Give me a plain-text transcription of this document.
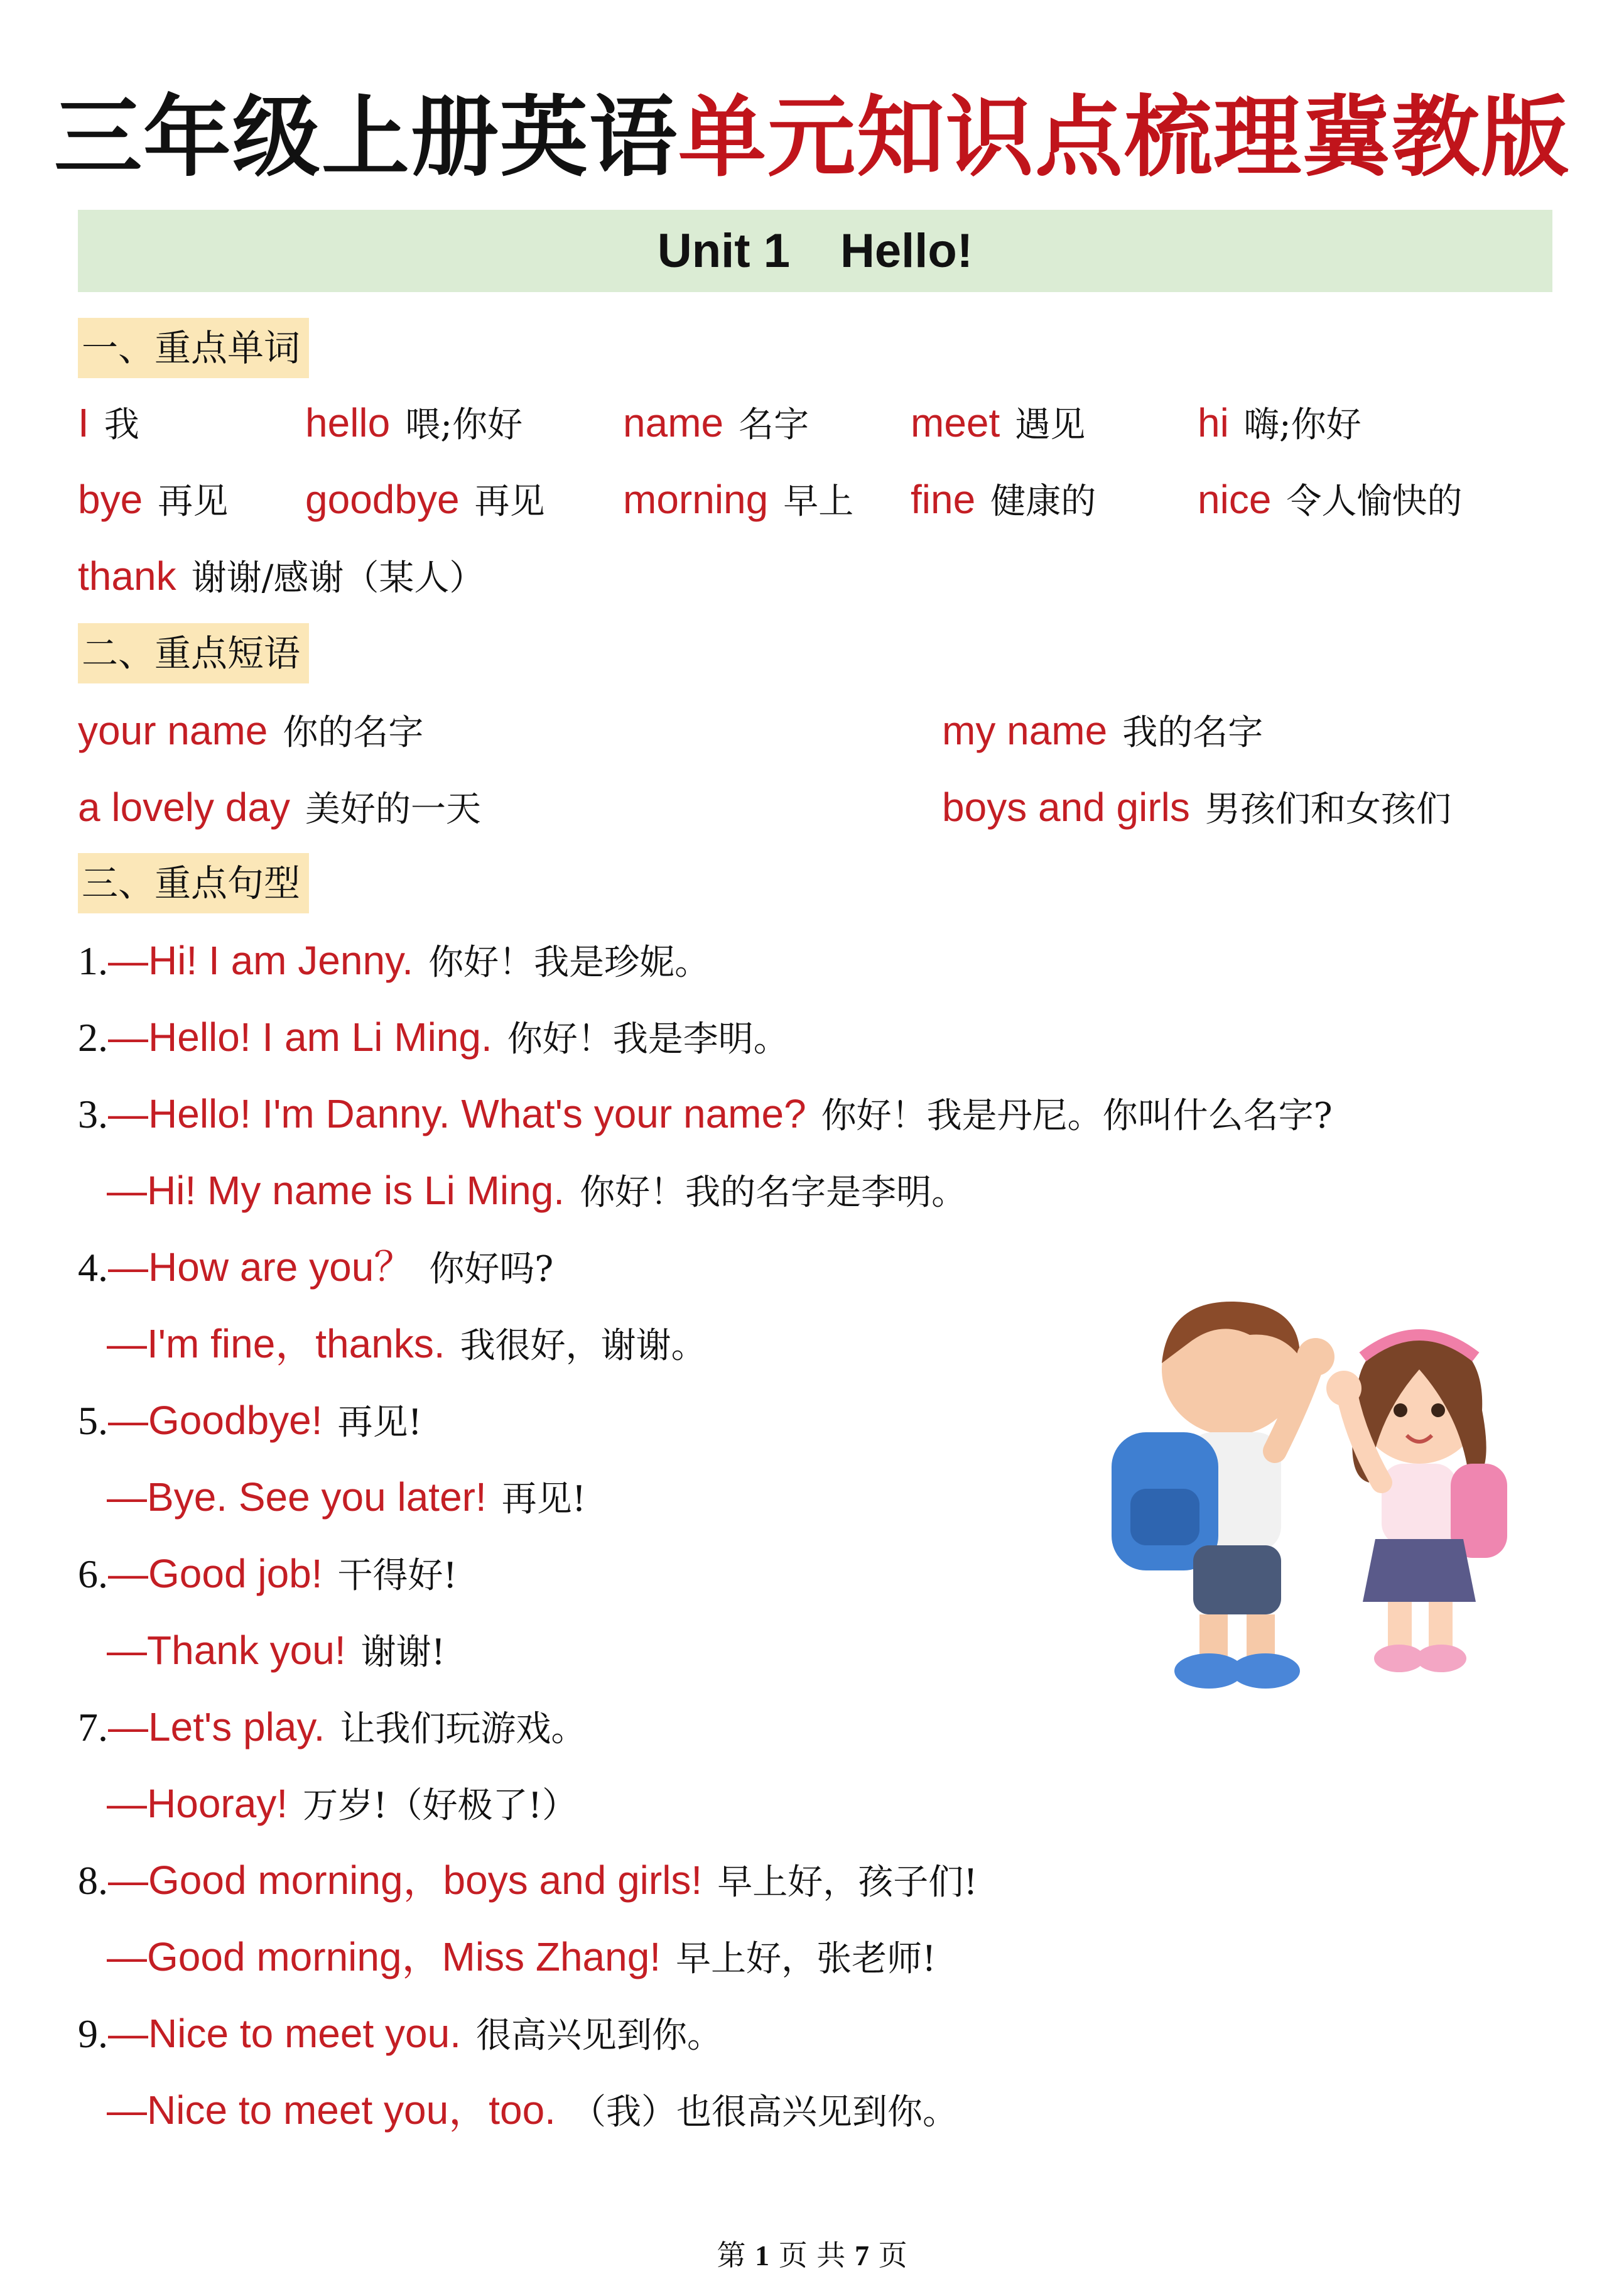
三年级上册英语单元知识点梳理冀教版
Unit 1 Hello!
一、重点单词
I 我	hello 喂;你好 name 名字	meet 遇见	hi 嗨;你好
bye 再见 goodbye 再见 morning 早上 fine 健康的	nice 令人愉快的
thank 谢谢/感谢（某人）
二、重点短语
your name 你的名字	my name 我的名字
a lovely day 美好的一天	boys and girls 男孩们和女孩们
三、重点句型
1.—Hi! I am Jenny. 你好！我是珍妮。
2.—Hello! I am Li Ming. 你好！我是李明。
3.—Hello! I'm Danny. What's your name? 你好！我是丹尼。你叫什么名字?
—Hi! My name is Li Ming. 你好！我的名字是李明。
4.—How are you？ 你好吗?
—I'm fine，thanks. 我很好，谢谢。
5.—Goodbye! 再见!
—Bye. See you later! 再见!
6.—Good job! 干得好!
—Thank you! 谢谢!
7.—Let's play. 让我们玩游戏。
—Hooray! 万岁!（好极了!）
8.—Good morning，boys and girls! 早上好，孩子们!
—Good morning，Miss Zhang! 早上好，张老师!
9.—Nice to meet you. 很高兴见到你。
—Nice to meet you，too. （我）也很高兴见到你。
第 1 页 共 7 页
